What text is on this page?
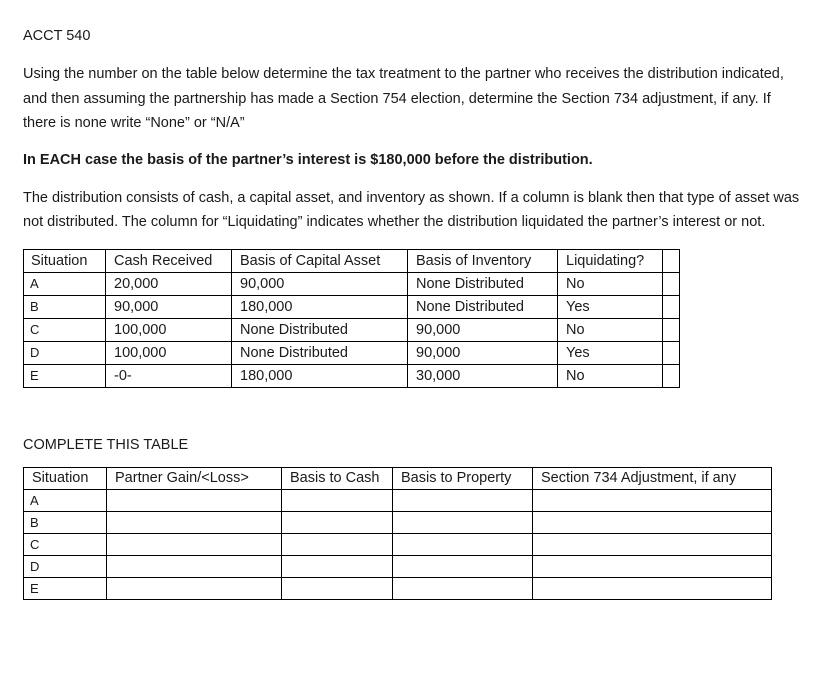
ACCT 540

Using the number on the table below determine the tax treatment to the partner who receives the distribution indicated, and then assuming the partnership has made a Section 754 election, determine the Section 734 adjustment, if any. If there is none write “None” or “N/A”

In EACH case the basis of the partner’s interest is $180,000 before the distribution.

The distribution consists of cash, a capital asset, and inventory as shown. If a column is blank then that type of asset was not distributed. The column for “Liquidating” indicates whether the distribution liquidated the partner’s interest or not.

Situation	Cash Received	Basis of Capital Asset	Basis of Inventory	Liquidating?	
A	20,000	90,000	None Distributed	No	
B	90,000	180,000	None Distributed	Yes	
C	100,000	None Distributed	90,000	No	
D	100,000	None Distributed	90,000	Yes	
E	-0-	180,000	30,000	No	
COMPLETE THIS TABLE
Situation	Partner Gain/<Loss>	Basis to Cash	Basis to Property	Section 734 Adjustment, if any
A				
B				
C				
D				
E				
